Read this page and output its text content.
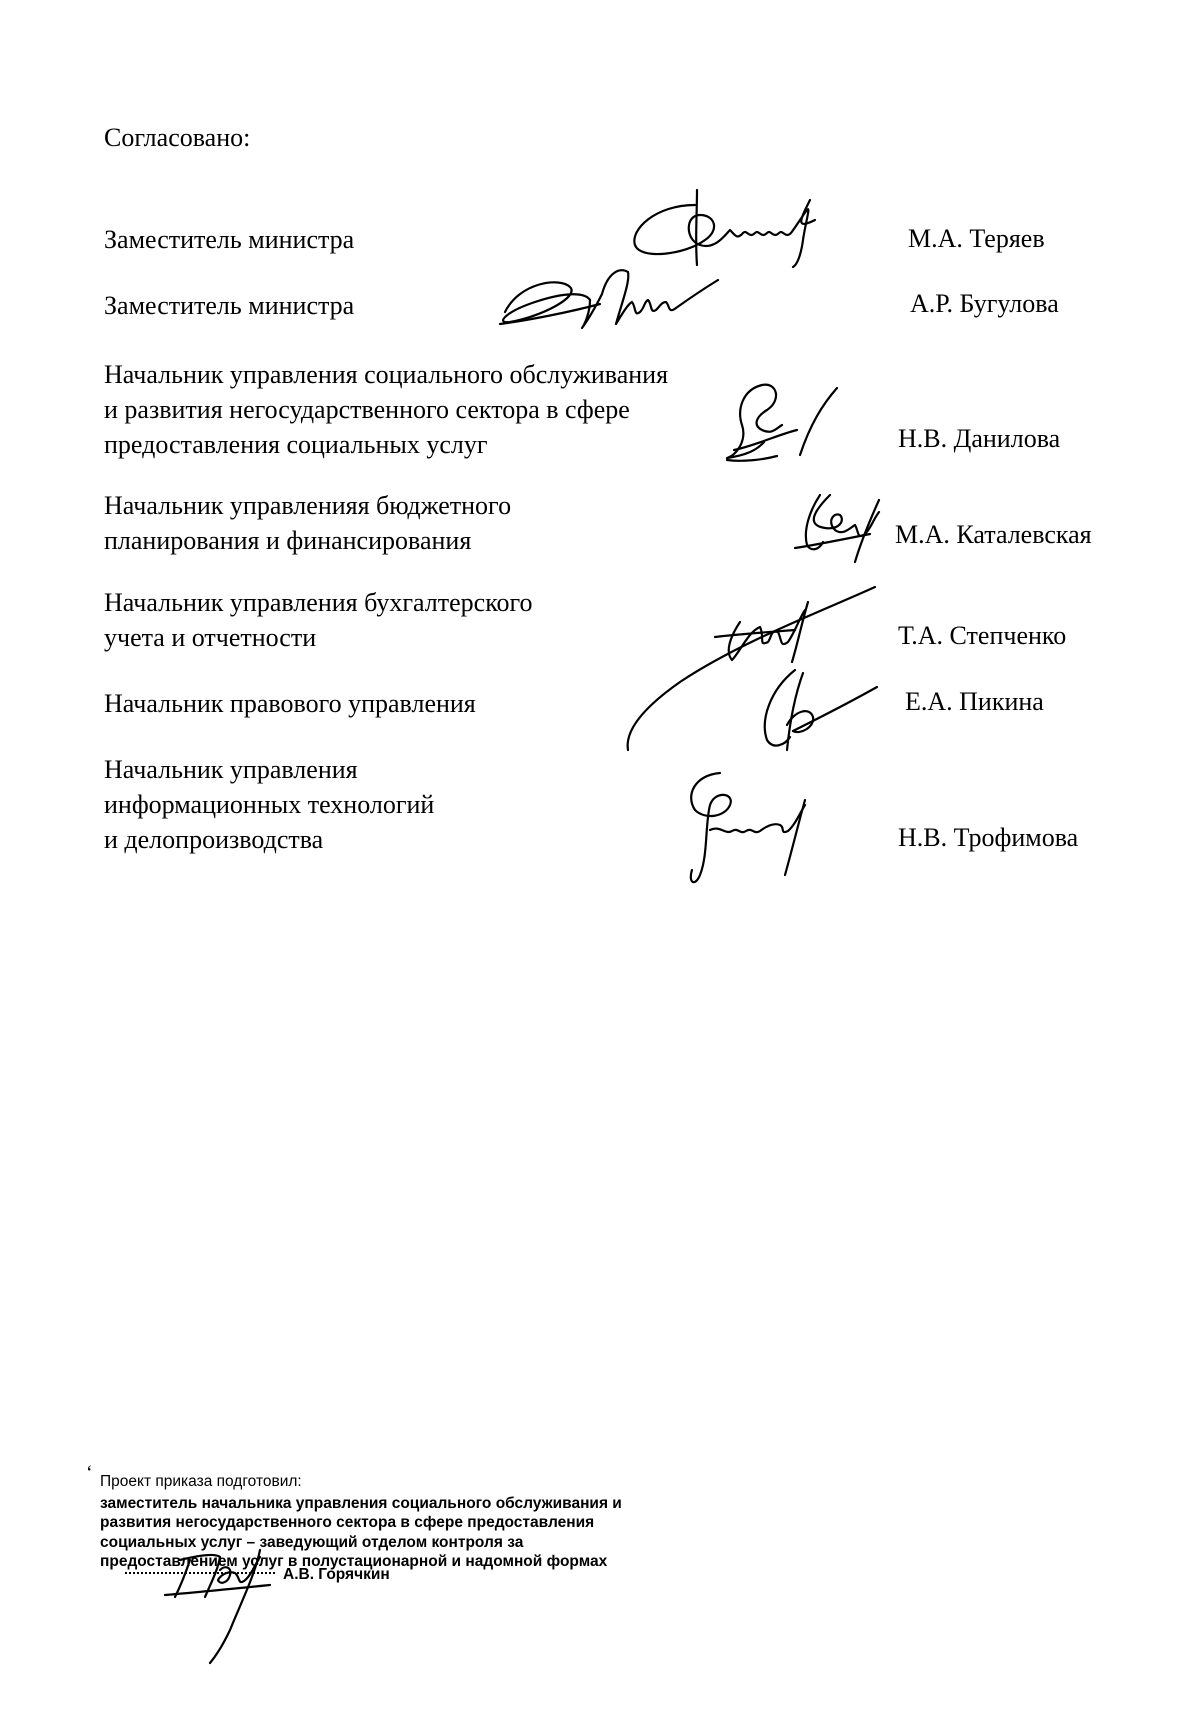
Согласовано:
Заместитель министра	М.А. Теряев
Заместитель министра	А.Р. Бугулова
Начальник управления социального обслуживания
и развития негосударственного сектора в сфере
предоставления социальных услуг	Н.В. Данилова
Начальник управленияя бюджетного
планирования и финансирования	М.А. Каталевская
Начальник управления бухгалтерского
учета и отчетности	Т.А. Степченко
Начальник правового управления	Е.А. Пикина
Начальник управления
информационных технологий
и делопроизводства	Н.В. Трофимова
‘ Проект приказа подготовил:
заместитель начальника управления социального обслуживания и
развития негосударственного сектора в сфере предоставления
социальных услуг – заведующий отделом контроля за
предоставлением услуг в полустационарной и надомной формах
А.В. Горячкин
